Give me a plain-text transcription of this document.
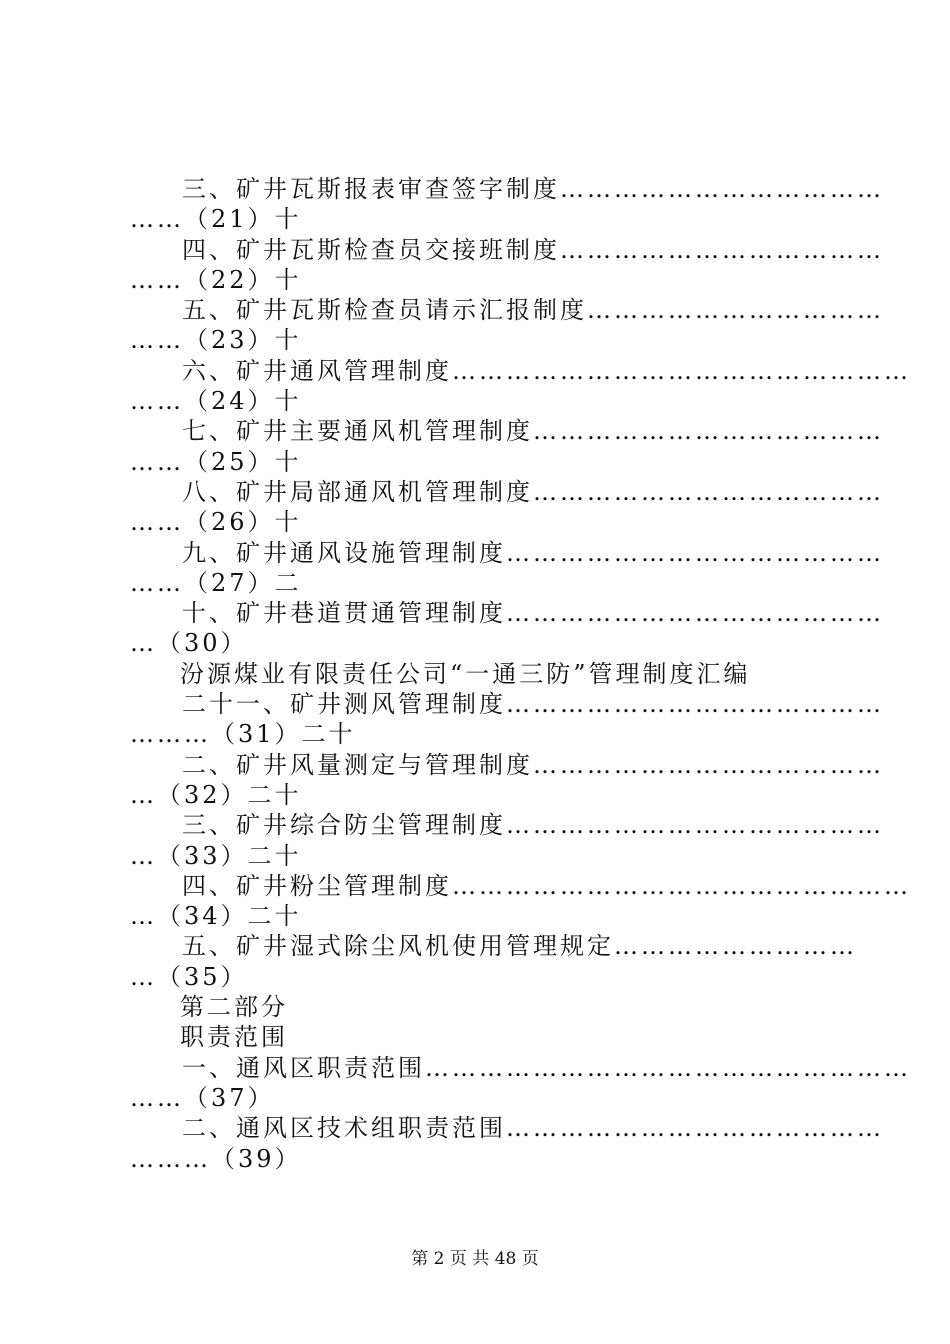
三、矿井瓦斯报表审查签字制度………………………………
……（21）十
四、矿井瓦斯检查员交接班制度………………………………
……（22）十
五、矿井瓦斯检查员请示汇报制度……………………………
……（23）十
六、矿井通风管理制度……………………………………………
……（24）十
七、矿井主要通风机管理制度…………………………………
……（25）十
八、矿井局部通风机管理制度…………………………………
……（26）十
九、矿井通风设施管理制度……………………………………
……（27）二
十、矿井巷道贯通管理制度……………………………………
…（30）
汾源煤业有限责任公司“一通三防”管理制度汇编
二十一、矿井测风管理制度……………………………………
………（31）二十
二、矿井风量测定与管理制度…………………………………
…（32）二十
三、矿井综合防尘管理制度……………………………………
…（33）二十
四、矿井粉尘管理制度……………………………………………
…（34）二十
五、矿井湿式除尘风机使用管理规定………………………
…（35）
第二部分
职责范围
一、通风区职责范围………………………………………………
……（37）
二、通风区技术组职责范围……………………………………
………（39）
第 2 页 共 48 页
